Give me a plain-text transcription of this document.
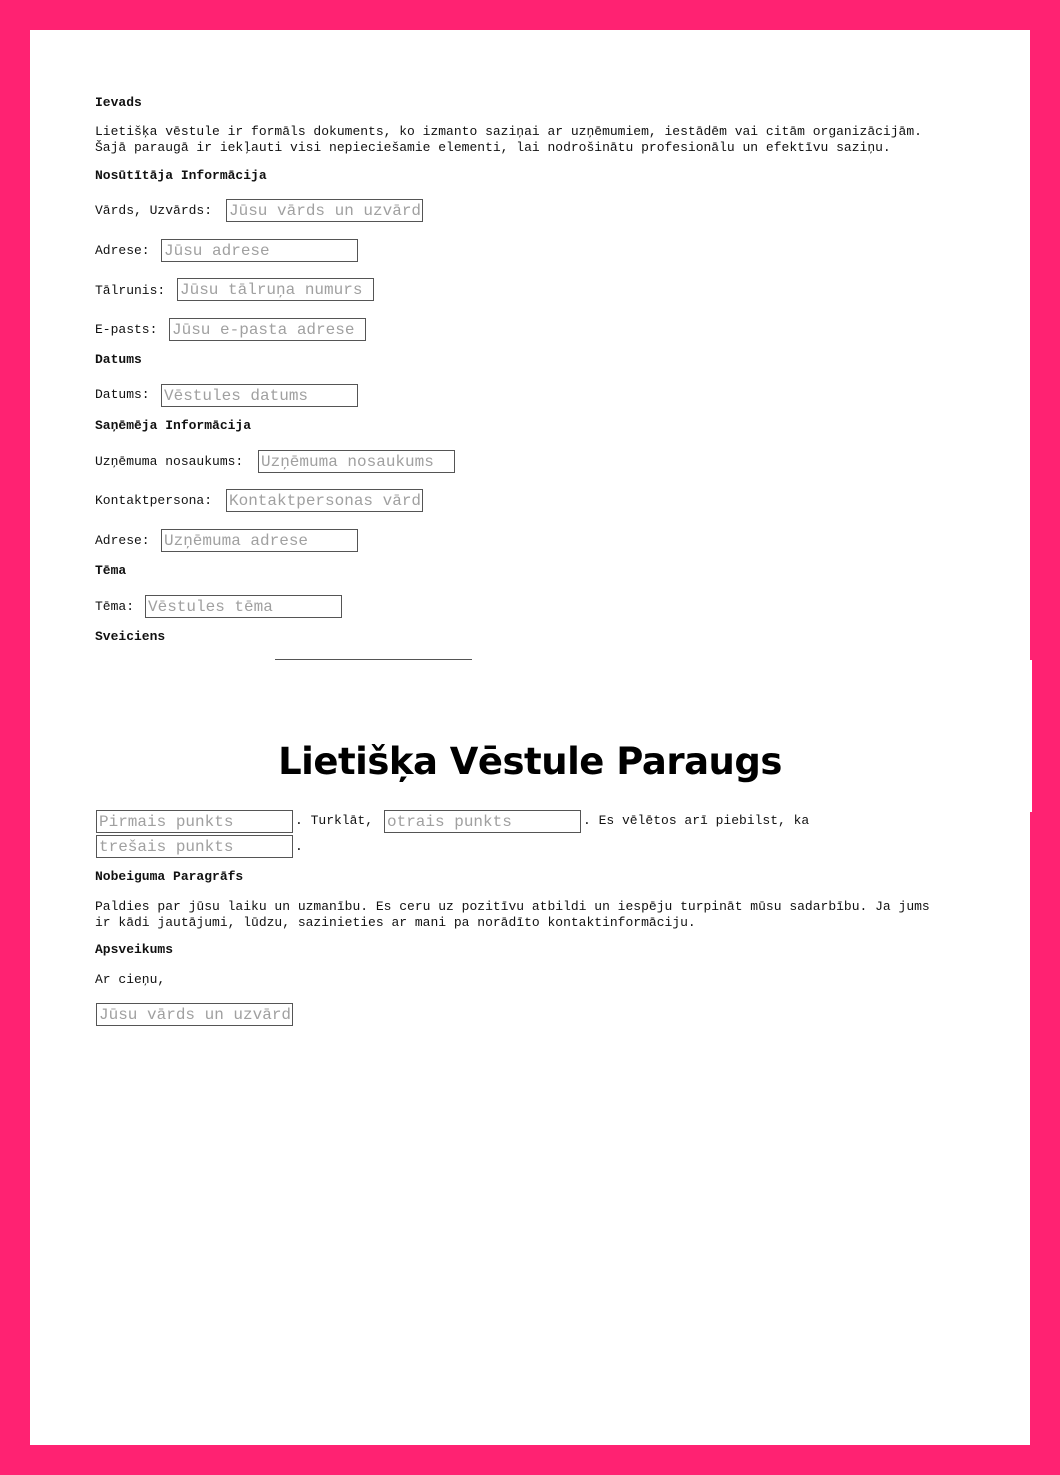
Ievads
Lietišķa vēstule ir formāls dokuments, ko izmanto saziņai ar uzņēmumiem, iestādēm vai citām organizācijām.
Šajā paraugā ir iekļauti visi nepieciešamie elementi, lai nodrošinātu profesionālu un efektīvu saziņu.
Nosūtītāja Informācija
Vārds, Uzvārds:
Jūsu vārds un uzvārds
Adrese:
Jūsu adrese
Tālrunis:
Jūsu tālruņa numurs
E-pasts:
Jūsu e-pasta adrese
Datums
Datums:
Vēstules datums
Saņēmēja Informācija
Uzņēmuma nosaukums:
Uzņēmuma nosaukums
Kontaktpersona:
Kontaktpersonas vārds
Adrese:
Uzņēmuma adrese
Tēma
Tēma:
Vēstules tēma
Sveiciens
Lietišķa Vēstule Paraugs
Pirmais punkts
. Turklāt,
otrais punkts	. Es vēlētos arī piebilst, ka
trešais punkts
.
Nobeiguma Paragrāfs
Paldies par jūsu laiku un uzmanību. Es ceru uz pozitīvu atbildi un iespēju turpināt mūsu sadarbību. Ja jums
ir kādi jautājumi, lūdzu, sazinieties ar mani pa norādīto kontaktinformāciju.
Apsveikums
Ar cieņu,
Jūsu vārds un uzvārds
